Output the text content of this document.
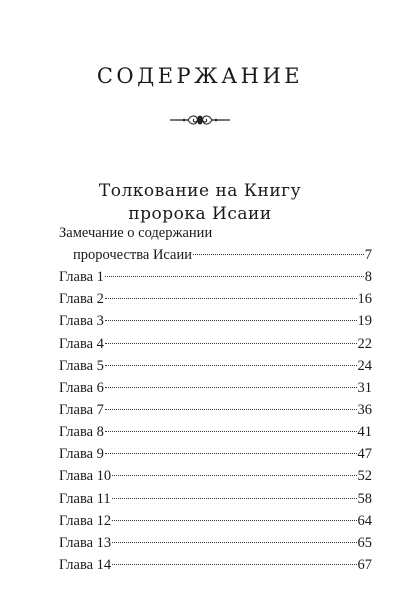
СОДЕРЖАНИЕ
Толкование на Книгу
пророка Исаии
Замечание о содержании
пророчества Исаии	7
Глава 1	8
Глава 2	16
Глава 3	19
Глава 4	22
Глава 5	24
Глава 6	31
Глава 7	36
Глава 8	41
Глава 9	47
Глава 10	52
Глава 11	58
Глава 12	64
Глава 13	65
Глава 14	67
